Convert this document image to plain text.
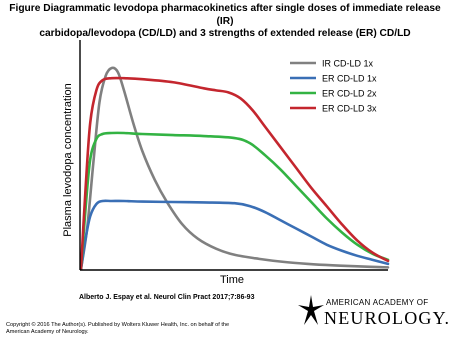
Figure Diagrammatic levodopa pharmacokinetics after single doses of immediate release (IR)
carbidopa/levodopa (CD/LD) and 3 strengths of extended release (ER) CD/LD
Plasma levodopa concentration
Time
IR CD-LD 1x
ER CD-LD 1x
ER CD-LD 2x
ER CD-LD 3x
Alberto J. Espay et al. Neurol Clin Pract 2017;7:86-93
Copyright © 2016 The Author(s). Published by Wolters Kluwer Health, Inc. on behalf of the
American Academy of Neurology.
AMERICAN ACADEMY OF
NEUROLOGY.
